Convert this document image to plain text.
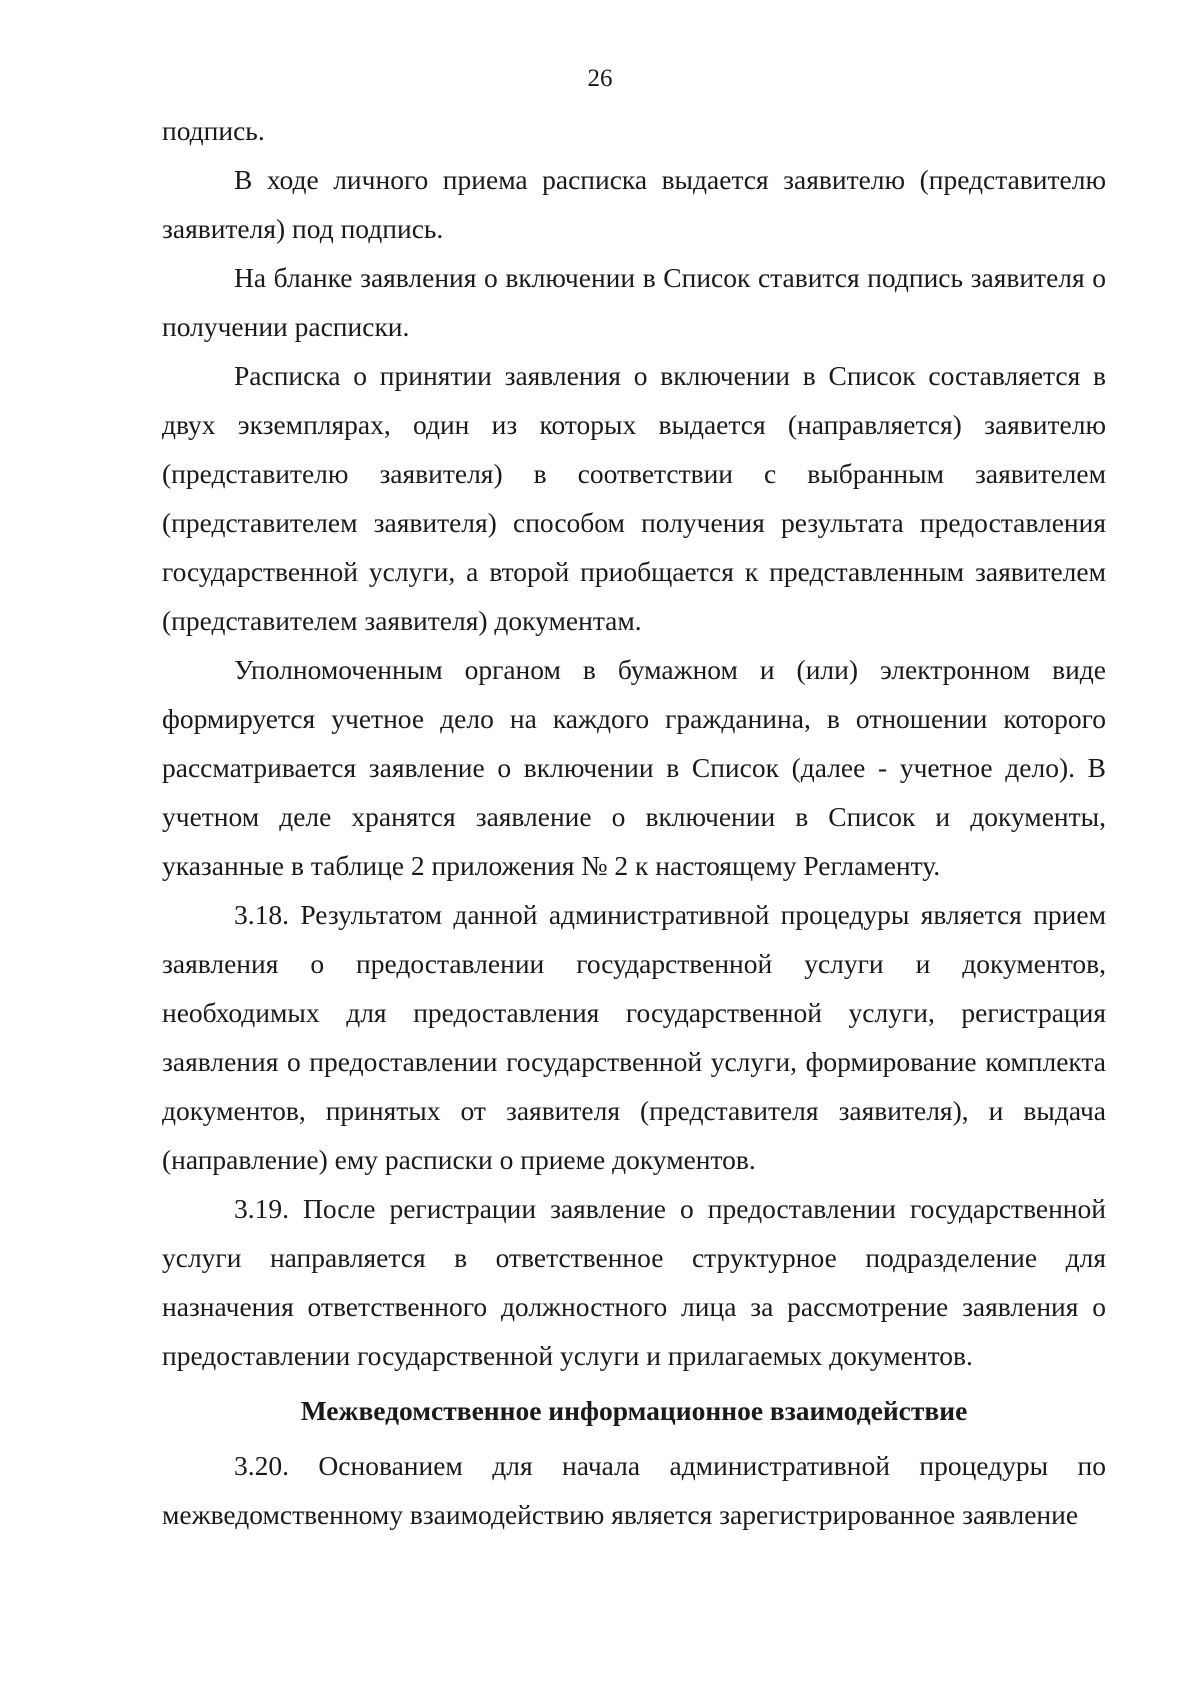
26

подпись.

В ходе личного приема расписка выдается заявителю (представителю заявителя) под подпись.

На бланке заявления о включении в Список ставится подпись заявителя о получении расписки.

Расписка о принятии заявления о включении в Список составляется в двух экземплярах, один из которых выдается (направляется) заявителю (представителю заявителя) в соответствии с выбранным заявителем (представителем заявителя) способом получения результата предоставления государственной услуги, а второй приобщается к представленным заявителем (представителем заявителя) документам.

Уполномоченным органом в бумажном и (или) электронном виде формируется учетное дело на каждого гражданина, в отношении которого рассматривается заявление о включении в Список (далее - учетное дело). В учетном деле хранятся заявление о включении в Список и документы, указанные в таблице 2 приложения № 2 к настоящему Регламенту.

3.18. Результатом данной административной процедуры является прием заявления о предоставлении государственной услуги и документов, необходимых для предоставления государственной услуги, регистрация заявления о предоставлении государственной услуги, формирование комплекта документов, принятых от заявителя (представителя заявителя), и выдача (направление) ему расписки о приеме документов.

3.19. После регистрации заявление о предоставлении государственной услуги направляется в ответственное структурное подразделение для назначения ответственного должностного лица за рассмотрение заявления о предоставлении государственной услуги и прилагаемых документов.

Межведомственное информационное взаимодействие

3.20. Основанием для начала административной процедуры по межведомственному взаимодействию является зарегистрированное заявление
